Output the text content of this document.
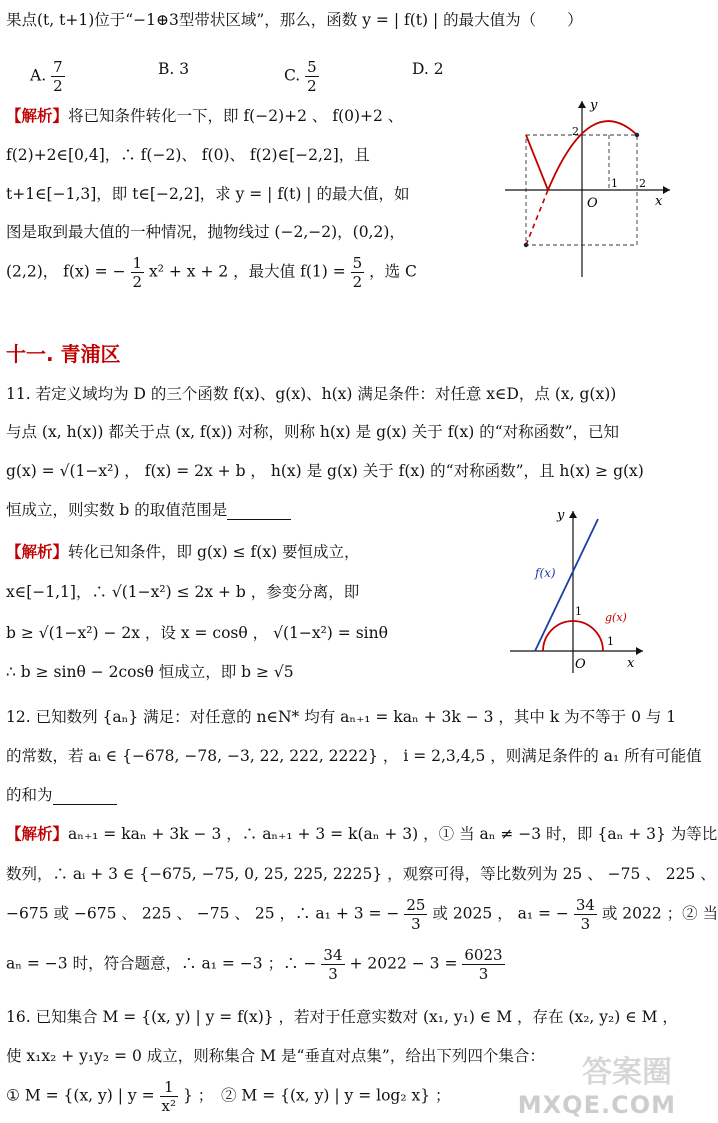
果点(t, t+1)位于“−1⊕3型带状区域”，那么，函数 y = | f(t) | 的最大值为（　　）
A. $\frac{7}{2}$	B. 3	C. $\frac{5}{2}$	D. 2
【解析】将已知条件转化一下，即 f(−2)+2 、 f(0)+2 、
f(2)+2∈[0,4]，∴ f(−2)、 f(0)、 f(2)∈[−2,2]，且
t+1∈[−1,3]，即 t∈[−2,2]，求 y = | f(t) | 的最大值，如
图是取到最大值的一种情况，抛物线过 (−2,−2)，(0,2)，
(2,2)， f(x) = − $\frac{1}{2} x^2 + x + 2$ ，最大值 $f(1) = \frac{5}{2}$ ，选 C
y
x
O
2
1 2
十一. 青浦区
11. 若定义域均为 D 的三个函数 f(x)、g(x)、h(x) 满足条件：对任意 x∈D，点 (x, g(x))
与点 (x, h(x)) 都关于点 (x, f(x)) 对称，则称 h(x) 是 g(x) 关于 f(x) 的“对称函数”，已知
g(x) = √(1−x²) ， f(x) = 2x + b ， h(x) 是 g(x) 关于 f(x) 的“对称函数”，且 h(x) ≥ g(x)
恒成立，则实数 b 的取值范围是
【解析】转化已知条件，即 g(x) ≤ f(x) 要恒成立，
x∈[−1,1]，∴ √(1−x²) ≤ 2x + b ，参变分离，即
b ≥ √(1−x²) − 2x ，设 x = cosθ ， √(1−x²) = sinθ
∴ b ≥ sinθ − 2cosθ 恒成立，即 b ≥ √5
y
x
O
f(x)
g(x)
1
1
12. 已知数列 {aₙ} 满足：对任意的 n∈N* 均有 aₙ₊₁ = kaₙ + 3k − 3 ，其中 k 为不等于 0 与 1
的常数，若 aᵢ ∈ {−678, −78, −3, 22, 222, 2222} ， i = 2,3,4,5 ，则满足条件的 a₁ 所有可能值
的和为
【解析】aₙ₊₁ = kaₙ + 3k − 3 ，∴ aₙ₊₁ + 3 = k(aₙ + 3) ，① 当 aₙ ≠ −3 时，即 {aₙ + 3} 为等比
数列，∴ aᵢ + 3 ∈ {−675, −75, 0, 25, 225, 2225} ，观察可得，等比数列为 25 、 −75 、 225 、
−675 或 −675 、 225 、 −75 、 25 ，∴ a₁ + 3 = − $\frac{25}{3}$ 或 2025 ， a₁ = − $\frac{34}{3}$ 或 2022 ；② 当
aₙ = −3 时，符合题意，∴ a₁ = −3 ；∴ − $\frac{34}{3} + 2022 - 3 = \frac{6023}{3}$
16. 已知集合 M = {(x, y) | y = f(x)} ，若对于任意实数对 (x₁, y₁) ∈ M ，存在 (x₂, y₂) ∈ M ，
使 x₁x₂ + y₁y₂ = 0 成立，则称集合 M 是“垂直对点集”，给出下列四个集合：
① M = {(x, y) | $y = \frac{1}{\text{x²}}$ } ；　② M = {(x, y) | y = log₂ x} ；
答案圈
MXQE.COM
